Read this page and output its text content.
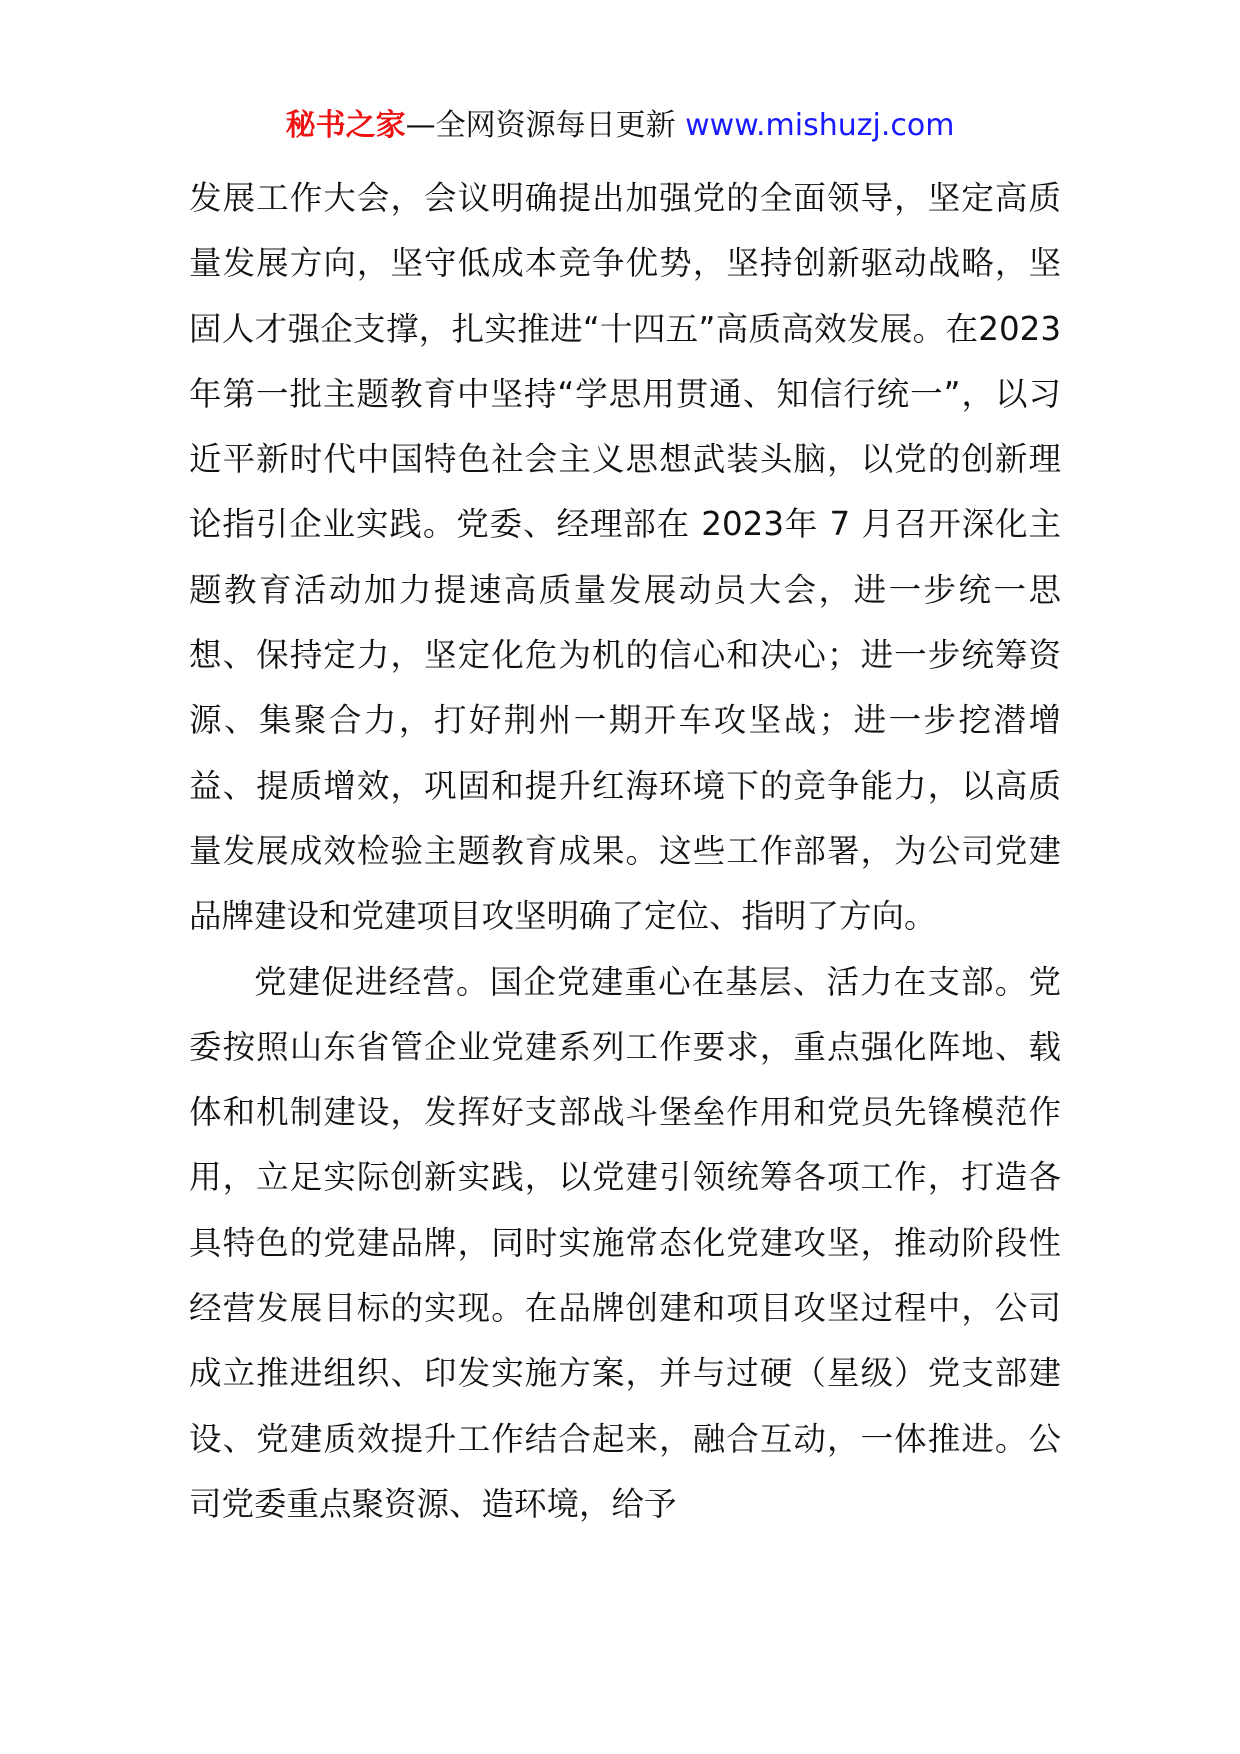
秘书之家—全网资源每日更新 www.mishuzj.com

发展工作大会，会议明确提出加强党的全面领导，坚定高质量发展方向，坚守低成本竞争优势，坚持创新驱动战略，坚固人才强企支撑，扎实推进“十四五”高质高效发展。在2023年第一批主题教育中坚持“学思用贯通、知信行统一”，以习近平新时代中国特色社会主义思想武装头脑，以党的创新理论指引企业实践。党委、经理部在 2023年 7 月召开深化主题教育活动加力提速高质量发展动员大会，进一步统一思想、保持定力，坚定化危为机的信心和决心；进一步统筹资源、集聚合力，打好荆州一期开车攻坚战；进一步挖潜增益、提质增效，巩固和提升红海环境下的竞争能力，以高质量发展成效检验主题教育成果。这些工作部署，为公司党建品牌建设和党建项目攻坚明确了定位、指明了方向。

党建促进经营。国企党建重心在基层、活力在支部。党委按照山东省管企业党建系列工作要求，重点强化阵地、载体和机制建设，发挥好支部战斗堡垒作用和党员先锋模范作用，立足实际创新实践，以党建引领统筹各项工作，打造各具特色的党建品牌，同时实施常态化党建攻坚，推动阶段性经营发展目标的实现。在品牌创建和项目攻坚过程中，公司成立推进组织、印发实施方案，并与过硬（星级）党支部建设、党建质效提升工作结合起来，融合互动，一体推进。公司党委重点聚资源、造环境，给予
